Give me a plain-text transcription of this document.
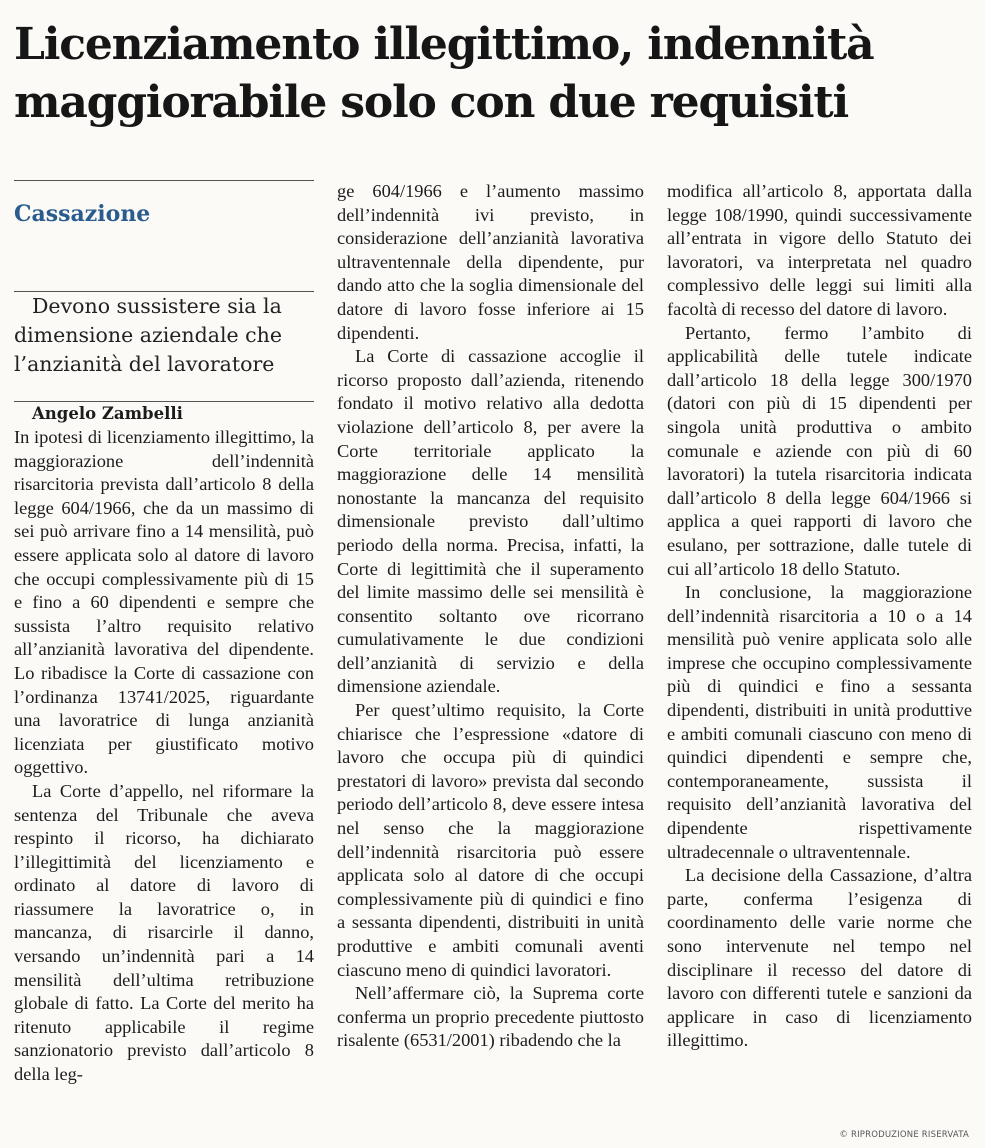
Licenziamento illegittimo, indennità maggiorabile solo con due requisiti
Cassazione

Devono sussistere sia la dimensione aziendale che l’anzianità del lavoratore

Angelo Zambelli

In ipotesi di licenziamento illegittimo, la maggiorazione dell’indennità risarcitoria prevista dall’articolo 8 della legge 604/1966, che da un massimo di sei può arrivare fino a 14 mensilità, può essere applicata solo al datore di lavoro che occupi complessivamente più di 15 e fino a 60 dipendenti e sempre che sussista l’altro requisito relativo all’anzianità lavorativa del dipendente. Lo ribadisce la Corte di cassazione con l’ordinanza 13741/2025, riguardante una lavoratrice di lunga anzianità licenziata per giustificato motivo oggettivo.

La Corte d’appello, nel riformare la sentenza del Tribunale che aveva respinto il ricorso, ha dichiarato l’illegittimità del licenziamento e ordinato al datore di lavoro di riassumere la lavoratrice o, in mancanza, di risarcirle il danno, versando un’indennità pari a 14 mensilità dell’ultima retribuzione globale di fatto. La Corte del merito ha ritenuto applicabile il regime sanzionatorio previsto dall’articolo 8 della leg-

ge 604/1966 e l’aumento massimo dell’indennità ivi previsto, in considerazione dell’anzianità lavorativa ultraventennale della dipendente, pur dando atto che la soglia dimensionale del datore di lavoro fosse inferiore ai 15 dipendenti.

La Corte di cassazione accoglie il ricorso proposto dall’azienda, ritenendo fondato il motivo relativo alla dedotta violazione dell’articolo 8, per avere la Corte territoriale applicato la maggiorazione delle 14 mensilità nonostante la mancanza del requisito dimensionale previsto dall’ultimo periodo della norma. Precisa, infatti, la Corte di legittimità che il superamento del limite massimo delle sei mensilità è consentito soltanto ove ricorrano cumulativamente le due condizioni dell’anzianità di servizio e della dimensione aziendale.

Per quest’ultimo requisito, la Corte chiarisce che l’espressione «datore di lavoro che occupa più di quindici prestatori di lavoro» prevista dal secondo periodo dell’articolo 8, deve essere intesa nel senso che la maggiorazione dell’indennità risarcitoria può essere applicata solo al datore di che occupi complessivamente più di quindici e fino a sessanta dipendenti, distribuiti in unità produttive e ambiti comunali aventi ciascuno meno di quindici lavoratori.

Nell’affermare ciò, la Suprema corte conferma un proprio precedente piuttosto risalente (6531/2001) ribadendo che la

modifica all’articolo 8, apportata dalla legge 108/1990, quindi successivamente all’entrata in vigore dello Statuto dei lavoratori, va interpretata nel quadro complessivo delle leggi sui limiti alla facoltà di recesso del datore di lavoro.

Pertanto, fermo l’ambito di applicabilità delle tutele indicate dall’articolo 18 della legge 300/1970 (datori con più di 15 dipendenti per singola unità produttiva o ambito comunale e aziende con più di 60 lavoratori) la tutela risarcitoria indicata dall’articolo 8 della legge 604/1966 si applica a quei rapporti di lavoro che esulano, per sottrazione, dalle tutele di cui all’articolo 18 dello Statuto.

In conclusione, la maggiorazione dell’indennità risarcitoria a 10 o a 14 mensilità può venire applicata solo alle imprese che occupino complessivamente più di quindici e fino a sessanta dipendenti, distribuiti in unità produttive e ambiti comunali ciascuno con meno di quindici dipendenti e sempre che, contemporaneamente, sussista il requisito dell’anzianità lavorativa del dipendente rispettivamente ultradecennale o ultraventennale.

La decisione della Cassazione, d’altra parte, conferma l’esigenza di coordinamento delle varie norme che sono intervenute nel tempo nel disciplinare il recesso del datore di lavoro con differenti tutele e sanzioni da applicare in caso di licenziamento illegittimo.

© RIPRODUZIONE RISERVATA
